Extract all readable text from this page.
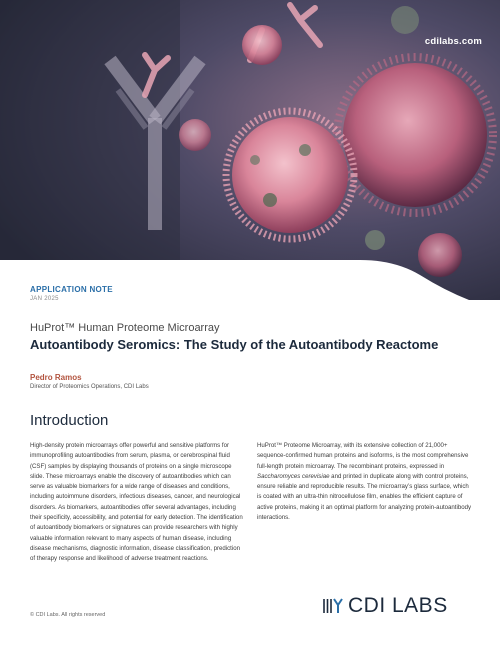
cdilabs.com
APPLICATION NOTE
JAN 2025
HuProt™ Human Proteome Microarray
Autoantibody Seromics: The Study of the Autoantibody Reactome
Pedro Ramos
Director of Proteomics Operations, CDI Labs
Introduction

High-density protein microarrays offer powerful and sensitive platforms for immunoprofiling autoantibodies from serum, plasma, or cerebrospinal fluid (CSF) samples by displaying thousands of proteins on a single microscope slide. These microarrays enable the discovery of autoantibodies which can serve as valuable biomarkers for a wide range of diseases and conditions, including autoimmune disorders, infectious diseases, cancer, and neurological disorders. As biomarkers, autoantibodies offer several advantages, including their specificity, accessibility, and potential for early detection. The identification of autoantibody biomarkers or signatures can provide researchers with highly valuable information relevant to many aspects of human disease, including disease mechanisms, diagnostic information, disease classification, prediction of therapy response and likelihood of adverse treatment reactions.

HuProt™ Proteome Microarray, with its extensive collection of 21,000+ sequence-confirmed human proteins and isoforms, is the most comprehensive full-length protein microarray. The recombinant proteins, expressed in Saccharomyces cerevisiae and printed in duplicate along with control proteins, ensure reliable and reproducible results. The microarray’s glass surface, which is coated with an ultra-thin nitrocellulose film, enables the efficient capture of active proteins, making it an optimal platform for analyzing protein-autoantibody interactions.

© CDI Labs. All rights reserved	CDI LABS
